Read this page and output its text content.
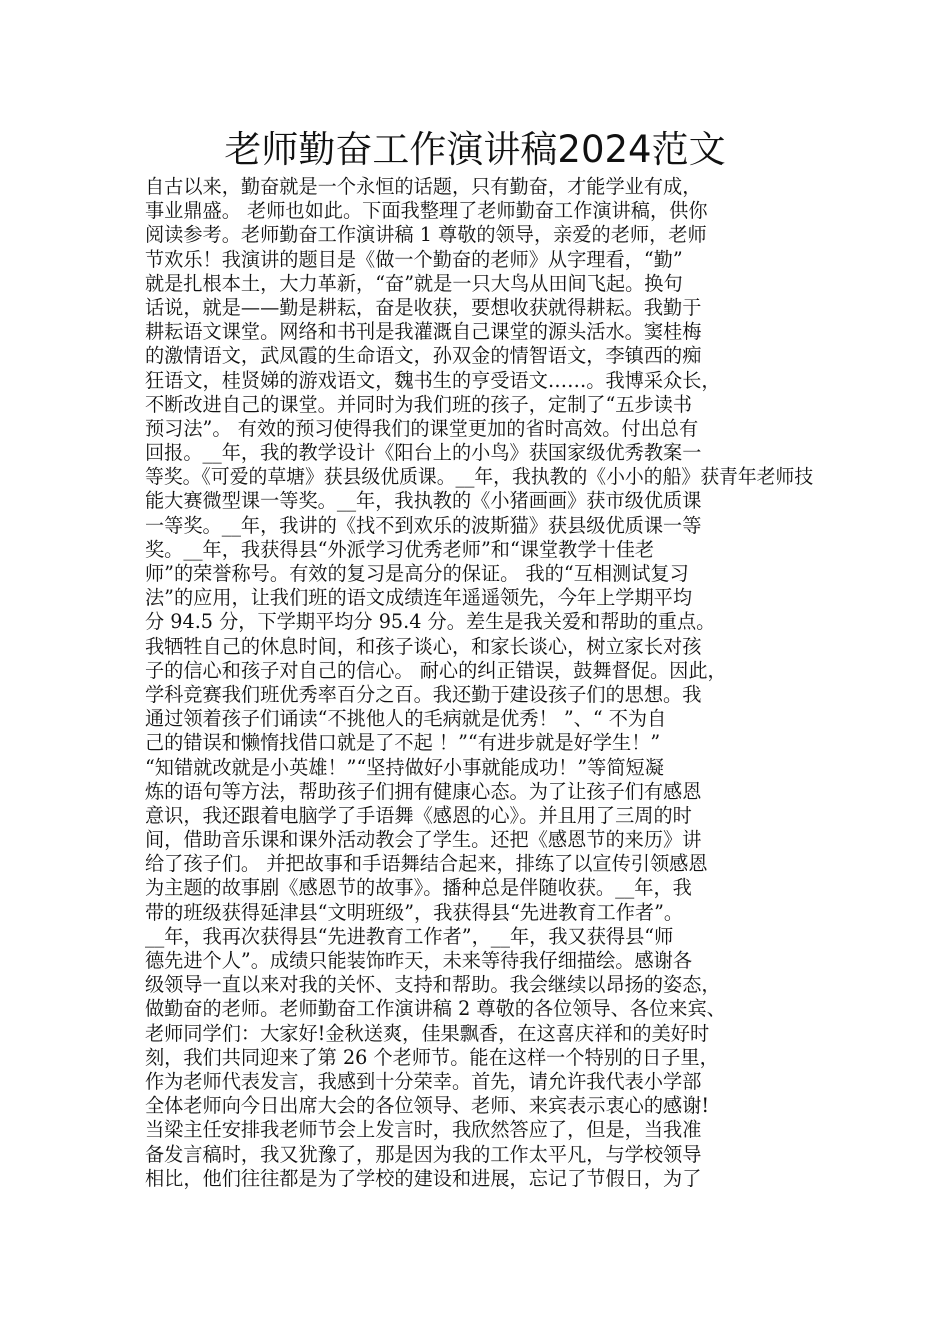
老师勤奋工作演讲稿2024范文
自古以来，勤奋就是一个永恒的话题，只有勤奋，才能学业有成，
事业鼎盛。 老师也如此。下面我整理了老师勤奋工作演讲稿，供你
阅读参考。老师勤奋工作演讲稿 1 尊敬的领导，亲爱的老师，老师
节欢乐！我演讲的题目是《做一个勤奋的老师》从字理看，“勤”
就是扎根本土，大力革新，“奋”就是一只大鸟从田间飞起。换句
话说，就是——勤是耕耘，奋是收获，要想收获就得耕耘。我勤于
耕耘语文课堂。网络和书刊是我灌溉自己课堂的源头活水。窦桂梅
的激情语文，武凤霞的生命语文，孙双金的情智语文，李镇西的痴
狂语文，桂贤娣的游戏语文，魏书生的亨受语文……。我博采众长，
不断改进自己的课堂。并同时为我们班的孩子，定制了“五步读书
预习法”。 有效的预习使得我们的课堂更加的省时高效。付出总有
回报。__年，我的教学设计《阳台上的小鸟》获国家级优秀教案一
等奖。《可爱的草塘》获县级优质课。__年，我执教的《小小的船》获青年老师技
能大赛微型课一等奖。__年，我执教的《小猪画画》获市级优质课
一等奖。__年，我讲的《找不到欢乐的波斯猫》获县级优质课一等
奖。__年，我获得县“外派学习优秀老师”和“课堂教学十佳老
师”的荣誉称号。有效的复习是高分的保证。 我的“互相测试复习
法”的应用，让我们班的语文成绩连年遥遥领先，今年上学期平均
分 94.5 分，下学期平均分 95.4 分。差生是我关爱和帮助的重点。
我牺牲自己的休息时间，和孩子谈心，和家长谈心，树立家长对孩
子的信心和孩子对自己的信心。 耐心的纠正错误，鼓舞督促。因此，
学科竞赛我们班优秀率百分之百。我还勤于建设孩子们的思想。我
通过领着孩子们诵读“不挑他人的毛病就是优秀！ ”、“ 不为自
己的错误和懒惰找借口就是了不起 ！”“有进步就是好学生！”
“知错就改就是小英雄！”“坚持做好小事就能成功！”等简短凝
炼的语句等方法，帮助孩子们拥有健康心态。为了让孩子们有感恩
意识，我还跟着电脑学了手语舞《感恩的心》。并且用了三周的时
间，借助音乐课和课外活动教会了学生。还把《感恩节的来历》讲
给了孩子们。 并把故事和手语舞结合起来，排练了以宣传引领感恩
为主题的故事剧《感恩节的故事》。播种总是伴随收获。__年，我
带的班级获得延津县“文明班级”，我获得县“先进教育工作者”。
__年，我再次获得县“先进教育工作者”，__年，我又获得县“师
德先进个人”。成绩只能装饰昨天，未来等待我仔细描绘。感谢各
级领导一直以来对我的关怀、支持和帮助。我会继续以昂扬的姿态，
做勤奋的老师。老师勤奋工作演讲稿 2 尊敬的各位领导、各位来宾、
老师同学们：大家好!金秋送爽，佳果飘香，在这喜庆祥和的美好时
刻，我们共同迎来了第 26 个老师节。能在这样一个特别的日子里，
作为老师代表发言，我感到十分荣幸。首先，请允许我代表小学部
全体老师向今日出席大会的各位领导、老师、来宾表示衷心的感谢!
当梁主任安排我老师节会上发言时，我欣然答应了，但是，当我准
备发言稿时，我又犹豫了，那是因为我的工作太平凡，与学校领导
相比，他们往往都是为了学校的建设和进展，忘记了节假日，为了
